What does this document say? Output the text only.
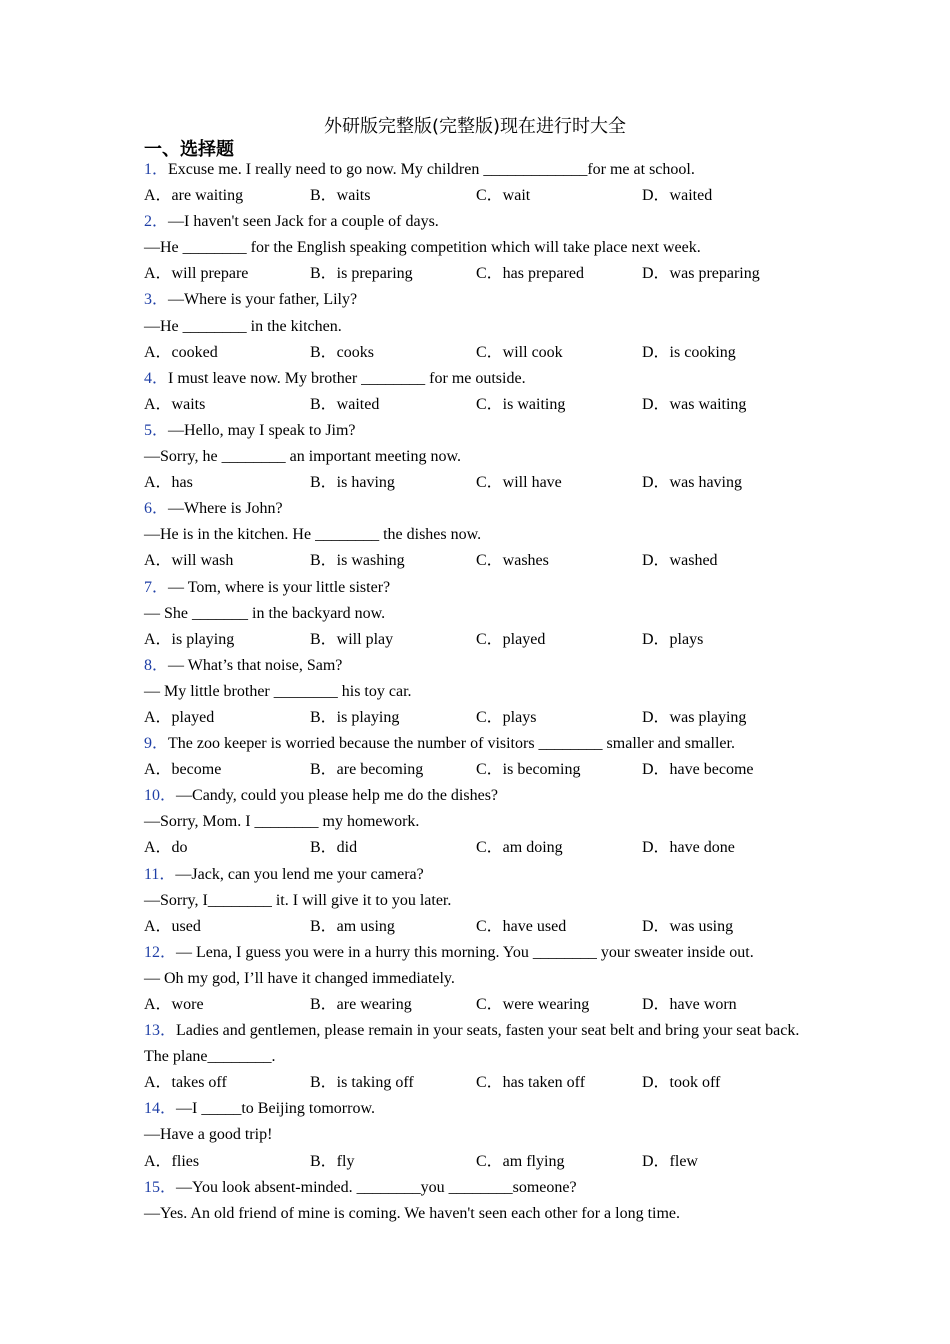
外研版完整版(完整版)现在进行时大全
一、选择题
1．Excuse me. I really need to go now. My children _____________for me at school.
A．are waiting	B．waits	C．wait	D．waited
2．—I haven't seen Jack for a couple of days.
—He ________ for the English speaking competition which will take place next week.
A．will prepare	B．is preparing	C．has prepared	D．was preparing
3．—Where is your father, Lily?
—He ________ in the kitchen.
A．cooked	B．cooks	C．will cook	D．is cooking
4．I must leave now. My brother ________ for me outside.
A．waits	B．waited	C．is waiting	D．was waiting
5．—Hello, may I speak to Jim?
—Sorry, he ________ an important meeting now.
A．has	B．is having	C．will have	D．was having
6．—Where is John?
—He is in the kitchen. He ________ the dishes now.
A．will wash	B．is washing	C．washes	D．washed
7．— Tom, where is your little sister?
— She _______ in the backyard now.
A．is playing	B．will play	C．played	D．plays
8．— What’s that noise, Sam?
— My little brother ________ his toy car.
A．played	B．is playing	C．plays	D．was playing
9．The zoo keeper is worried because the number of visitors ________ smaller and smaller.
A．become	B．are becoming	C．is becoming	D．have become
10．—Candy, could you please help me do the dishes?
—Sorry, Mom. I ________ my homework.
A．do	B．did	C．am doing	D．have done
11．—Jack, can you lend me your camera?
—Sorry, I________ it. I will give it to you later.
A．used	B．am using	C．have used	D．was using
12．— Lena, I guess you were in a hurry this morning. You ________ your sweater inside out.
— Oh my god, I’ll have it changed immediately.
A．wore	B．are wearing	C．were wearing	D．have worn
13．Ladies and gentlemen, please remain in your seats, fasten your seat belt and bring your seat back. The plane________.
A．takes off	B．is taking off	C．has taken off	D．took off
14．—I _____to Beijing tomorrow.
—Have a good trip!
A．flies	B．fly	C．am flying	D．flew
15．—You look absent-minded. ________you ________someone?
—Yes. An old friend of mine is coming. We haven't seen each other for a long time.
